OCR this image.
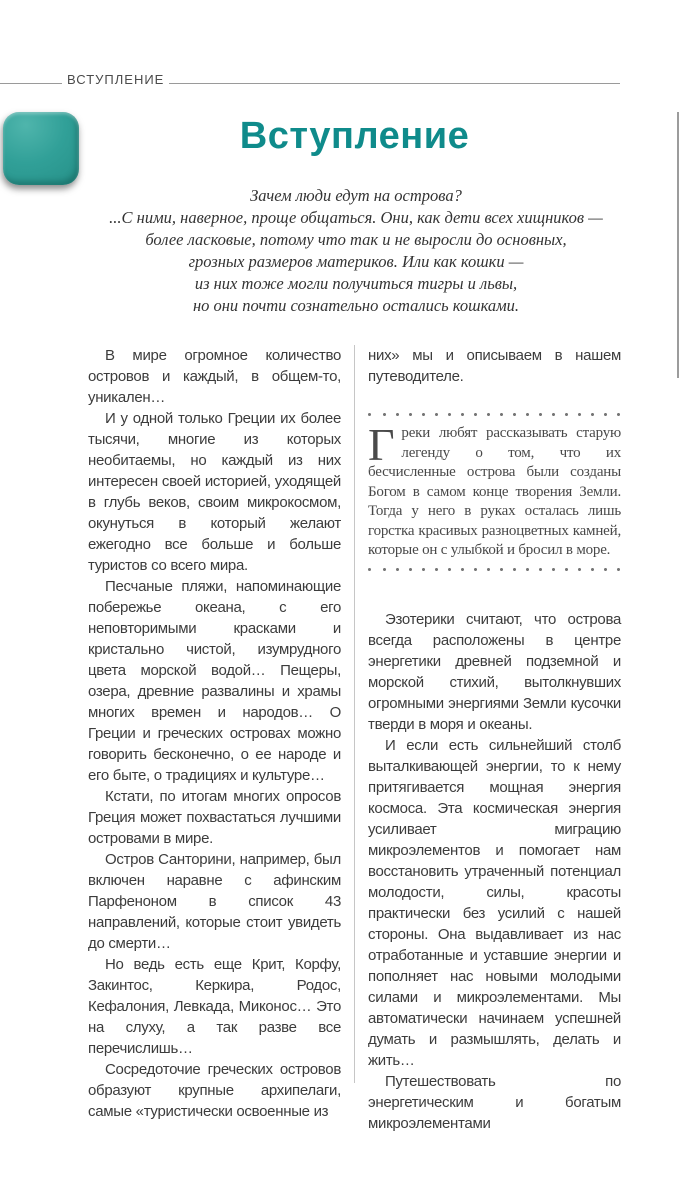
ВСТУПЛЕНИЕ
Вступление
Зачем люди едут на острова?
...С ними, наверное, проще общаться. Они, как дети всех хищников —
более ласковые, потому что так и не выросли до основных,
грозных размеров материков. Или как кошки —
из них тоже могли получиться тигры и львы,
но они почти сознательно остались кошками.

В мире огромное количество островов и каждый, в общем-то, уникален…

И у одной только Греции их более тысячи, многие из которых необитаемы, но каждый из них интересен своей историей, уходящей в глубь веков, своим микрокосмом, окунуться в который желают ежегодно все больше и больше туристов со всего мира.

Песчаные пляжи, напоминающие побережье океана, с его неповторимыми красками и кристально чистой, изумрудного цвета морской водой… Пещеры, озера, древние развалины и храмы многих времен и народов… О Греции и греческих островах можно говорить бесконечно, о ее народе и его быте, о традициях и культуре…

Кстати, по итогам многих опросов Греция может похвастаться лучшими островами в мире.

Остров Санторини, например, был включен наравне с афинским Парфеноном в список 43 направлений, которые стоит увидеть до смерти…

Но ведь есть еще Крит, Корфу, Закинтос, Керкира, Родос, Кефалония, Левкада, Миконос… Это на слуху, а так разве все перечислишь…

Сосредоточие греческих островов образуют крупные архипелаги, самые «туристически освоенные из

них» мы и описываем в нашем путеводителе.

Греки любят рассказывать старую легенду о том, что их бесчисленные острова были созданы Богом в самом конце творения Земли. Тогда у него в руках осталась лишь горстка красивых разноцветных камней, которые он с улыбкой и бросил в море.

Эзотерики считают, что острова всегда расположены в центре энергетики древней подземной и морской стихий, вытолкнувших огромными энергиями Земли кусочки тверди в моря и океаны.

И если есть сильнейший столб выталкивающей энергии, то к нему притягивается мощная энергия космоса. Эта космическая энергия усиливает миграцию микроэлементов и помогает нам восстановить утраченный потенциал молодости, силы, красоты практически без усилий с нашей стороны. Она выдавливает из нас отработанные и уставшие энергии и пополняет нас новыми молодыми силами и микроэлементами. Мы автоматически начинаем успешней думать и размышлять, делать и жить…

Путешествовать по энергетическим и богатым микроэлементами
